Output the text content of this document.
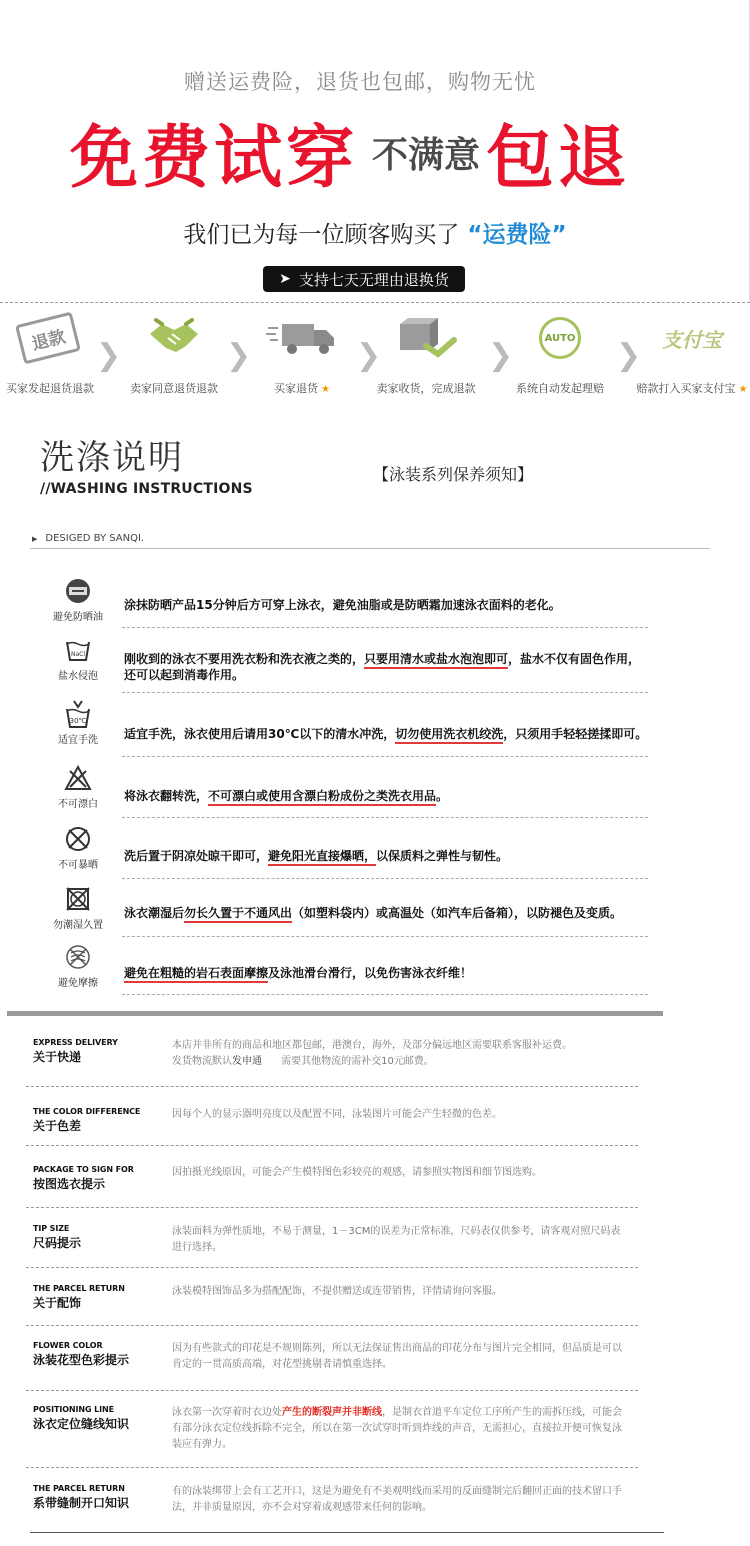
赠送运费险，退货也包邮，购物无忧
免费试穿 不满意包退
我们已为每一位顾客购买了 “运费险”
➤ 支持七天无理由退换货
退款
买家发起退货退款
❯
卖家同意退货退款
❯
买家退货 ★
❯
卖家收货，完成退款
❯	AUTO
系统自动发起理赔
❯ 支付宝
赔款打入买家支付宝 ★
洗涤说明
//WASHING INSTRUCTIONS
【泳装系列保养须知】
▶ DESIGED BY SANQI.
避免防晒油
涂抹防晒产品15分钟后方可穿上泳衣，避免油脂或是防晒霜加速泳衣面料的老化。
NaCl
盐水侵泡
刚收到的泳衣不要用洗衣粉和洗衣液之类的，只要用清水或盐水泡泡即可，盐水不仅有固色作用，
还可以起到消毒作用。
30℃
适宜手洗	适宜手洗，泳衣使用后请用30℃以下的清水冲洗，切勿使用洗衣机绞洗，只须用手轻轻搓揉即可。
不可漂白
将泳衣翻转洗，不可漂白或使用含漂白粉成份之类洗衣用品。
不可暴晒
洗后置于阴凉处晾干即可，避免阳光直接爆晒，以保质料之弹性与韧性。
勿潮湿久置
泳衣潮湿后勿长久置于不通风出（如塑料袋内）或高温处（如汽车后备箱），以防褪色及变质。
避免摩擦
避免在粗糙的岩石表面摩擦及泳池滑台滑行，以免伤害泳衣纤维！
EXPRESS DELIVERY
关于快递
本店并非所有的商品和地区都包邮，港澳台，海外，及部分偏远地区需要联系客服补运费。
发货物流默认发申通 需要其他物流的需补交10元邮费。
THE COLOR DIFFERENCE
关于色差
因每个人的显示器明亮度以及配置不同，泳装图片可能会产生轻微的色差。
PACKAGE TO SIGN FOR
按图选衣提示
因拍摄光线原因，可能会产生模特图色彩较亮的观感，请参照实物图和细节图选购。
TIP SIZE
尺码提示
泳装面料为弹性质地，不易于测量，1－3CM的误差为正常标准，尺码表仅供参考，请客观对照尺码表
进行选择。
THE PARCEL RETURN
关于配饰
泳装模特图饰品多为搭配配饰，不提供赠送或连带销售，详情请询问客服。
FLOWER COLOR
泳装花型色彩提示
因为有些款式的印花是不规则陈列，所以无法保证售出商品的印花分布与图片完全相同，但品质是可以
肯定的一贯高质高端，对花型挑剔者请慎重选择。
POSITIONING LINE
泳衣定位缝线知识
泳衣第一次穿着时衣边处产生的断裂声并非断线，是制衣首道平车定位工序所产生的需拆压线，可能会
有部分泳衣定位线拆除不完全，所以在第一次试穿时听到炸线的声音，无需担心，直接拉开便可恢复泳
装应有弹力。
THE PARCEL RETURN
系带缝制开口知识
有的泳装绑带上会有工艺开口，这是为避免有不美观明线而采用的反面缝制完后翻回正面的技术留口手
法，并非质量原因，亦不会对穿着或观感带来任何的影响。
